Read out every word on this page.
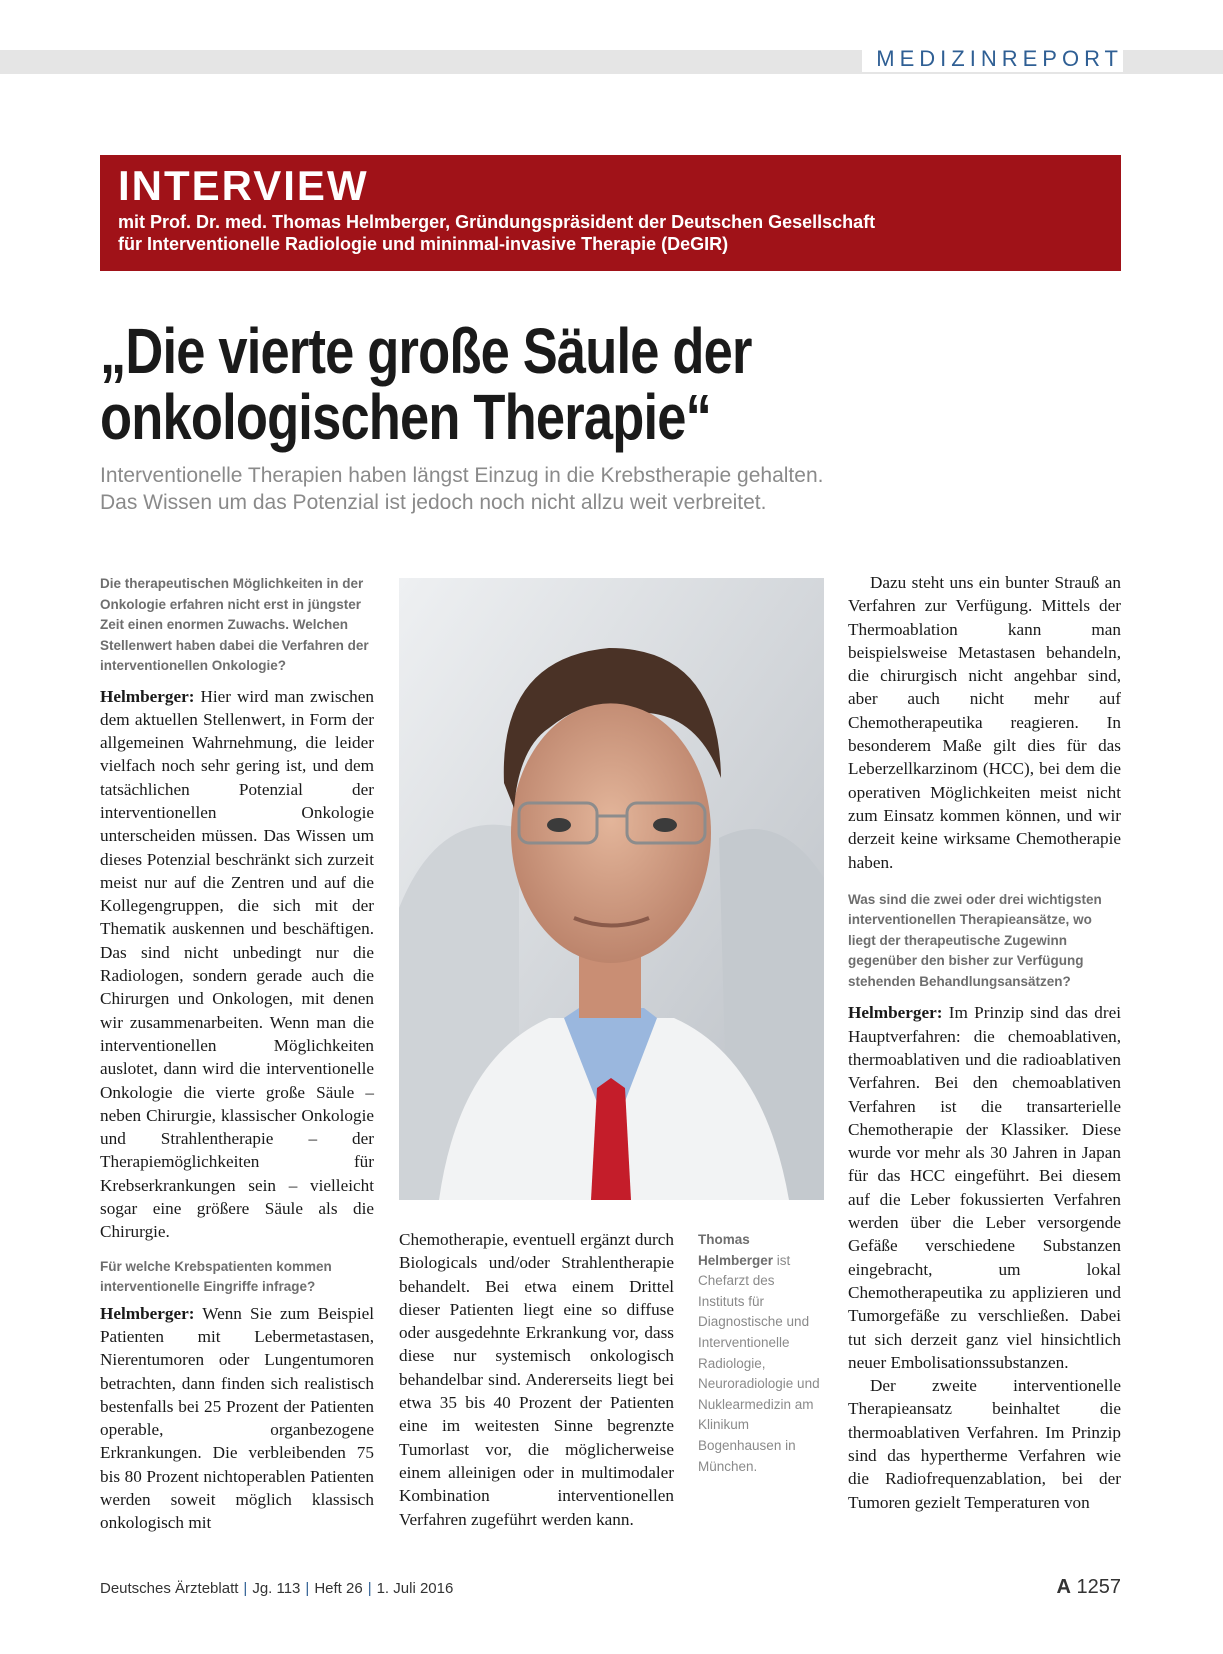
MEDIZINREPORT
INTERVIEW
mit Prof. Dr. med. Thomas Helmberger, Gründungspräsident der Deutschen Gesellschaft
für Interventionelle Radiologie und mininmal-invasive Therapie (DeGIR)
„Die vierte große Säule der
onkologischen Therapie“
Interventionelle Therapien haben längst Einzug in die Krebstherapie gehalten.
Das Wissen um das Potenzial ist jedoch noch nicht allzu weit verbreitet.

Die therapeutischen Möglichkeiten in der Onkologie erfahren nicht erst in jüngster Zeit einen enormen Zuwachs. Welchen Stellenwert haben dabei die Verfahren der interventionellen Onkologie?

Helmberger: Hier wird man zwischen dem aktuellen Stellenwert, in Form der allgemeinen Wahrnehmung, die leider vielfach noch sehr gering ist, und dem tatsächlichen Potenzial der interventionellen Onkologie unterscheiden müssen. Das Wissen um dieses Potenzial beschränkt sich zurzeit meist nur auf die Zentren und auf die Kollegengruppen, die sich mit der Thematik auskennen und beschäftigen. Das sind nicht unbedingt nur die Radiologen, sondern gerade auch die Chirurgen und Onkologen, mit denen wir zusammenarbeiten. Wenn man die interventionellen Möglichkeiten auslotet, dann wird die interventionelle Onkologie die vierte große Säule – neben Chirurgie, klassischer Onkologie und Strahlentherapie – der Therapiemöglichkeiten für Krebserkrankungen sein – vielleicht sogar eine größere Säule als die Chirurgie.

Für welche Krebspatienten kommen interventionelle Eingriffe infrage?

Helmberger: Wenn Sie zum Beispiel Patienten mit Lebermetastasen, Nierentumoren oder Lungentumoren betrachten, dann finden sich realistisch bestenfalls bei 25 Prozent der Patienten operable, organbezogene Erkrankungen. Die verbleibenden 75 bis 80 Prozent nichtoperablen Patienten werden soweit möglich klassisch onkologisch mit

Chemotherapie, eventuell ergänzt durch Biologicals und/oder Strahlentherapie behandelt. Bei etwa einem Drittel dieser Patienten liegt eine so diffuse oder ausgedehnte Erkrankung vor, dass diese nur systemisch onkologisch behandelbar sind. Andererseits liegt bei etwa 35 bis 40 Prozent der Patienten eine im weitesten Sinne begrenzte Tumorlast vor, die möglicherweise einem alleinigen oder in multimodaler Kombination interventionellen Verfahren zugeführt werden kann.

Thomas Helmberger ist Chefarzt des Instituts für Diagnostische und Interventionelle Radiologie, Neuroradiologie und Nuklearmedizin am Klinikum Bogenhausen in München.

Dazu steht uns ein bunter Strauß an Verfahren zur Verfügung. Mittels der Thermoablation kann man beispielsweise Metastasen behandeln, die chirurgisch nicht angehbar sind, aber auch nicht mehr auf Chemotherapeutika reagieren. In besonderem Maße gilt dies für das Leberzellkarzinom (HCC), bei dem die operativen Möglichkeiten meist nicht zum Einsatz kommen können, und wir derzeit keine wirksame Chemotherapie haben.

Was sind die zwei oder drei wichtigsten interventionellen Therapieansätze, wo liegt der therapeutische Zugewinn gegenüber den bisher zur Verfügung stehenden Behandlungsansätzen?

Helmberger: Im Prinzip sind das drei Hauptverfahren: die chemoablativen, thermoablativen und die radioablativen Verfahren. Bei den chemoablativen Verfahren ist die transarterielle Chemotherapie der Klassiker. Diese wurde vor mehr als 30 Jahren in Japan für das HCC eingeführt. Bei diesem auf die Leber fokussierten Verfahren werden über die Leber versorgende Gefäße verschiedene Substanzen eingebracht, um lokal Chemotherapeutika zu applizieren und Tumorgefäße zu verschließen. Dabei tut sich derzeit ganz viel hinsichtlich neuer Embolisationssubstanzen.

Der zweite interventionelle Therapieansatz beinhaltet die thermoablativen Verfahren. Im Prinzip sind das hypertherme Verfahren wie die Radiofrequenzablation, bei der Tumoren gezielt Temperaturen von

Deutsches Ärzteblatt | Jg. 113 | Heft 26 | 1. Juli 2016	A 1257
